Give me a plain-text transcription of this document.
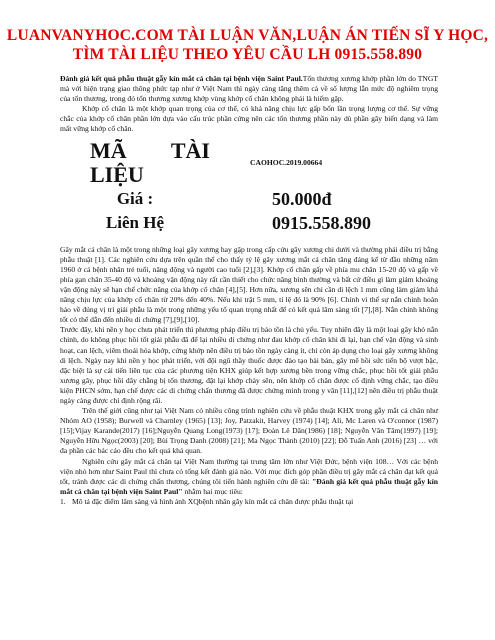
LUANVANYHOC.COM TÀI LUẬN VĂN,LUẬN ÁN TIẾN SĨ Y HỌC,
TÌM TÀI LIỆU THEO YÊU CẦU LH 0915.558.890

Đánh giá kết quả phẫu thuật gẫy kín mắt cá chân tại bệnh viện Saint Paul.Tổn thương xương khớp phần lớn do TNGT mà với hiện trạng giao thông phức tạp như ở Việt Nam thì ngày càng tăng thêm cả về số lượng lẫn mức độ nghiêm trọng của tổn thương, trong đó tổn thương xương khớp vùng khớp cổ chân không phải là hiếm gặp.

Khớp cổ chân là một khớp quan trọng của cơ thể, có khả năng chịu lực gấp bốn lần trọng lượng cơ thể. Sự vững chắc của khớp cổ chân phần lớn dựa vào cấu trúc phần cứng nên các tổn thương phần này dù phần gãy biến dạng và làm mất vững khớp cổ chân.

MÃ TÀI LIỆU	CAOHOC.2019.00664
Giá :	50.000đ
Liên Hệ	0915.558.890

Gãy mắt cá chân là một trong những loại gãy xương hay gặp trong cấp cứu gãy xương chi dưới và thường phải điều trị bằng phẫu thuật [1]. Các nghiên cứu dựa trên quần thể cho thấy tỷ lệ gãy xương mắt cá chân tăng đáng kể từ đầu những năm 1960 ở cả bệnh nhân trẻ tuổi, năng động và người cao tuổi [2],[3]. Khớp cổ chân gấp về phía mu chân 15-20 độ và gấp về phía gan chân 35-40 độ và khoảng vận động này rất cần thiết cho chức năng bình thường và bất cứ điều gì làm giảm khoảng vận động này sẽ hạn chế chức năng của khớp cổ chân [4],[5]. Hơn nữa, xương sên chỉ cần di lệch 1 mm cũng làm giảm khả năng chịu lực của khớp cổ chân từ 20% đến 40%. Nếu khi trật 5 mm, tỉ lệ đó là 90% [6]. Chính vì thế sự nắn chỉnh hoàn hảo về đúng vị trí giải phẫu là một trong những yếu tố quan trọng nhất để có kết quả lâm sàng tốt [7],[8]. Nắn chỉnh không tốt có thể dẫn đến nhiều di chứng [7],[9],[10].

Trước đây, khi nền y học chưa phát triển thì phương pháp điều trị bảo tồn là chủ yếu. Tuy nhiên đây là một loại gãy khó nắn chỉnh, do không phục hồi tốt giải phẫu đã để lại nhiều di chứng như đau khớp cổ chân khi đi lại, hạn chế vận động và sinh hoạt, can lệch, viêm thoái hóa khớp, cứng khớp nên điều trị bảo tồn ngày càng ít, chỉ còn áp dụng cho loại gãy xương không di lệch. Ngày nay khi nền y học phát triển, với đội ngũ thầy thuốc được đào tạo bài bản, gây mê hồi sức tiến bộ vượt bậc, đặc biệt là sự cải tiến liên tục của các phương tiện KHX giúp kết hợp xương bền trong vững chắc, phục hồi tốt giải phẫu xương gãy, phục hồi dây chằng bị tổn thương, đặt lại khớp chày sên, nên khớp cổ chân được cố định vững chắc, tạo điều kiện PHCN sớm, hạn chế được các di chứng chấn thương đã được chứng minh trong y văn [11],[12] nên điều trị phẫu thuật ngày càng được chỉ định rộng rãi.

Trên thế giới cũng như tại Việt Nam có nhiều công trình nghiên cứu về phẫu thuật KHX trong gẫy mắt cá chân như Nhóm AO (1958); Burwell và Charnley (1965) [13]; Joy, Patzakit, Harvey (1974) [14]; Ali, Mc Laren và O'connor (1987) [15];Vijay Karande(2017) [16];Nguyễn Quang Long(1973) [17]; Đoàn Lê Dân(1986) [18]; Nguyễn Văn Tâm(1997) [19]; Nguyễn Hữu Ngọc(2003) [20]; Bùi Trọng Danh (2008) [21]; Ma Ngọc Thành (2010) [22]; Đỗ Tuấn Anh (2016) [23] … với đa phần các bác cáo đều cho kết quả khả quan.

Nghiên cứu gãy mắt cá chân tại Việt Nam thường tại trung tâm lớn như Việt Đức, bệnh viện 108… Với các bệnh viện nhỏ hơn như Saint Paul thì chưa có tổng kết đánh giá nào. Với mục đích góp phần điều trị gãy mắt cá chân đạt kết quả tốt, tránh được các di chứng chấn thương, chúng tôi tiến hành nghiên cứu đề tài: "Đánh giá kết quả phẫu thuật gẫy kín mắt cá chân tại bệnh viện Saint Paul" nhằm hai mục tiêu:

1. Mô tả đặc điểm lâm sàng và hình ảnh XQbệnh nhân gãy kín mắt cá chân được phẫu thuật tại
